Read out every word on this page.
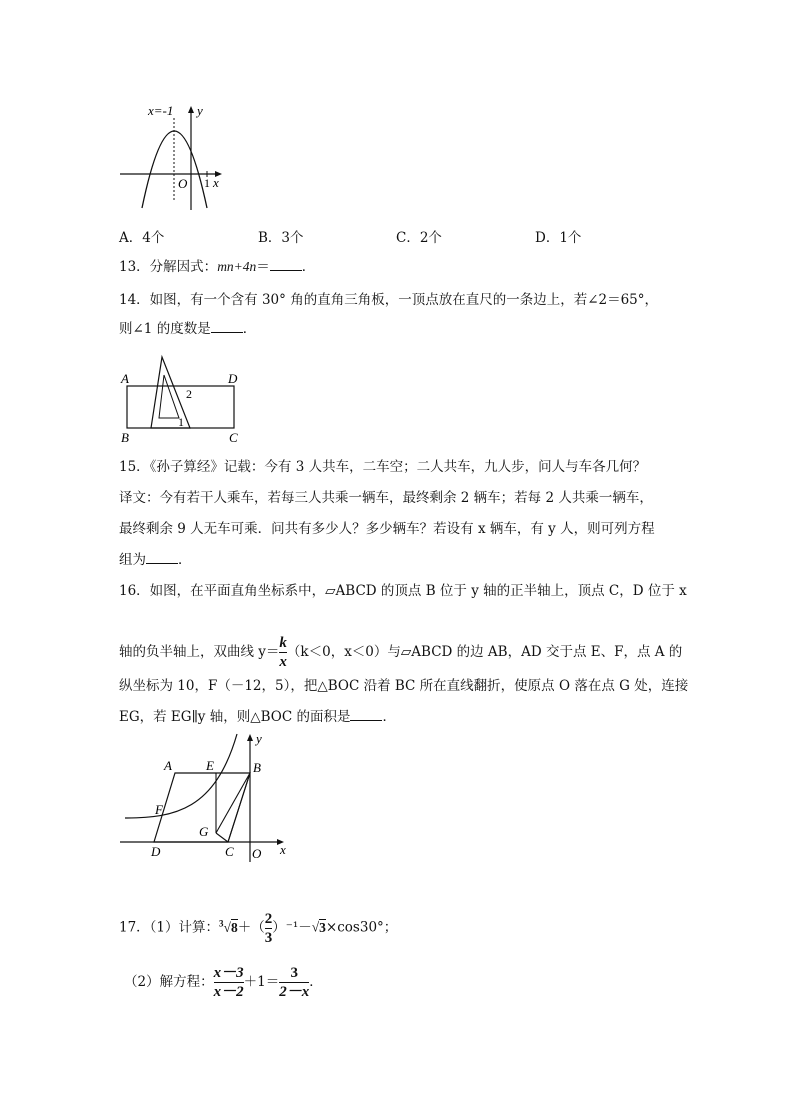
x=-1 y
O 1 x
A．4个	B．3个	C．2个	D．1个
13．分解因式：mn+4n＝ ．
14．如图，有一个含有 30° 角的直角三角板，一顶点放在直尺的一条边上，若∠2＝65°，
则∠1 的度数是 ．
A	D
B	C
2
1
15．《孙子算经》记载：今有 3 人共车，二车空；二人共车，九人步，问人与车各几何？
译文：今有若干人乘车，若每三人共乘一辆车，最终剩余 2 辆车；若每 2 人共乘一辆车，
最终剩余 9 人无车可乘．问共有多少人？多少辆车？若设有 x 辆车，有 y 人，则可列方程
组为 ．
16．如图，在平面直角坐标系中，▱ABCD 的顶点 B 位于 y 轴的正半轴上，顶点 C，D 位于 x
轴的负半轴上，双曲线 $y= \frac{k}{x} (k<0$，x＜0）与▱ABCD 的边 AB，AD 交于点 E、F，点 A 的
纵坐标为 10，F（－12，5），把△BOC 沿着 BC 所在直线翻折，使原点 O 落在点 G 处，连接
EG，若 EG∥y 轴，则△BOC 的面积是 ．
y
A	E	B
F
G
D	C O x
17．（1）计算：$^3√8+( \frac{2}{3} )^{-1}-√3\times\cos 30^\circ$；
（2）解方程： $\frac{x-3}{x-2} +1= \frac{3}{2-x}$ ．
